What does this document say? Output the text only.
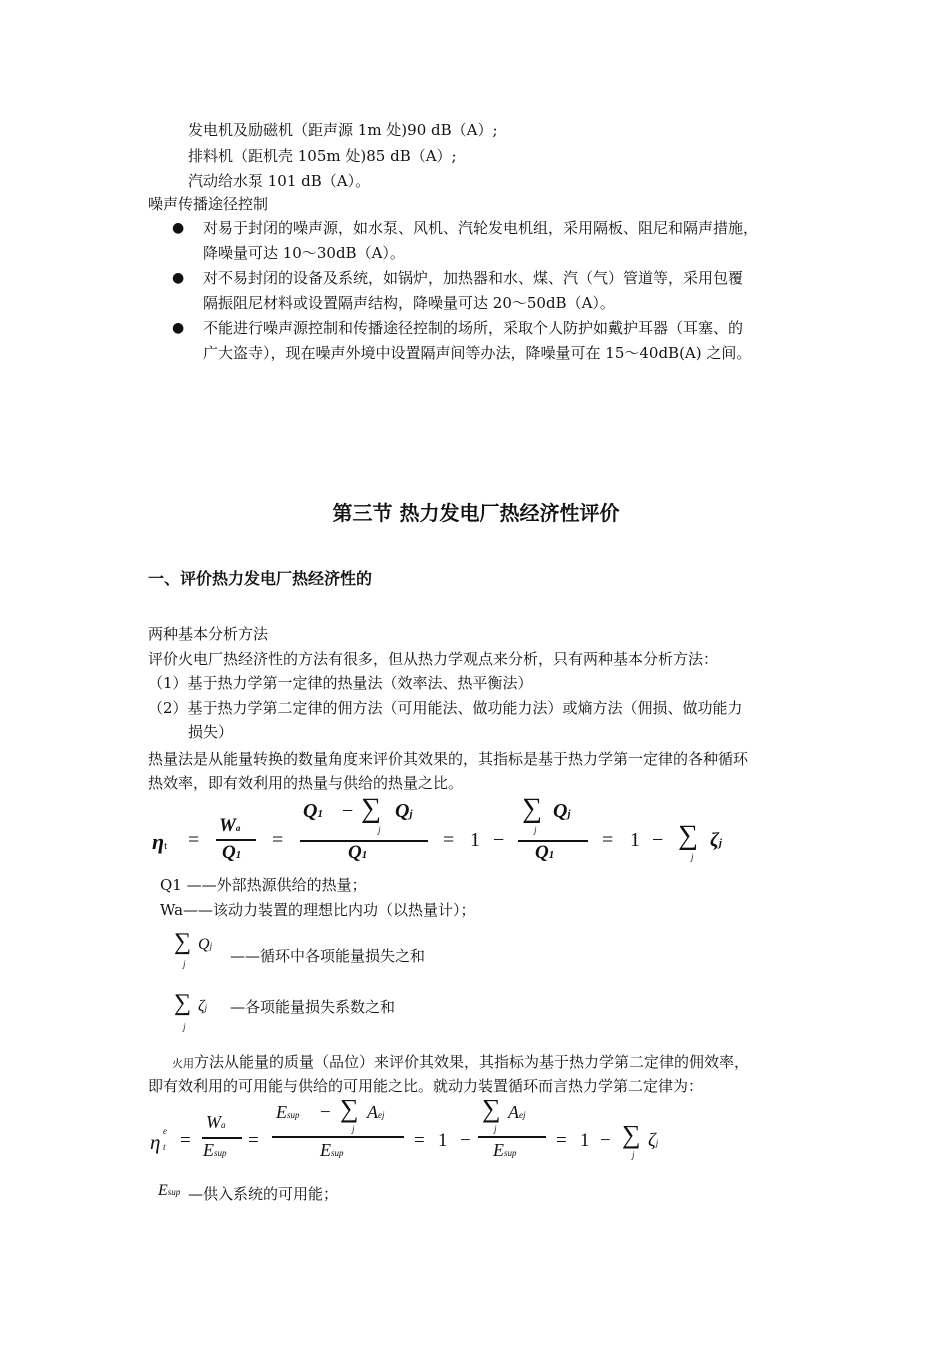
发电机及励磁机（距声源 1m 处)90 dB（A）;
排料机（距机壳 105m 处)85 dB（A）;
汽动给水泵 101 dB（A）。
噪声传播途径控制
● 对易于封闭的噪声源，如水泵、风机、汽轮发电机组，采用隔板、阻尼和隔声措施，
降噪量可达 10～30dB（A）。
● 对不易封闭的设备及系统，如锅炉，加热器和水、煤、汽（气）管道等，采用包覆
隔振阻尼材料或设置隔声结构，降噪量可达 20～50dB（A）。
● 不能进行噪声源控制和传播途径控制的场所，采取个人防护如戴护耳器（耳塞、的
广大盗寺），现在噪声外境中设置隔声间等办法，降噪量可在 15～40dB(A) 之间。
第三节 热力发电厂热经济性评价
一、评价热力发电厂热经济性的
两种基本分析方法
评价火电厂热经济性的方法有很多，但从热力学观点来分析，只有两种基本分析方法：
（1）基于热力学第一定律的热量法（效率法、热平衡法）
（2）基于热力学第二定律的佣方法（可用能法、做功能力法）或熵方法（佣损、做功能力
损失）
热量法是从能量转换的数量角度来评价其效果的，其指标是基于热力学第一定律的各种循环
热效率，即有效利用的热量与供给的热量之比。
ηt =
Wa
Q1
=
Q1 − ∑
j
Qj
Q1
= 1 −
∑
j
Qj
Q1
= 1 − ∑
j
ζj
Q1 ——外部热源供给的热量；
Wa——该动力装置的理想比内功（以热量计）；
∑
j
Qj
——循环中各项能量损失之和
∑
j
ζj —各项能量损失系数之和
火用方法从能量的质量（品位）来评价其效果，其指标为基于热力学第二定律的佣效率，
即有效利用的可用能与供给的可用能之比。就动力装置循环而言热力学第二定律为：
η e
t =
Wa
Esup
=
Esup − ∑
j
Aej
Esup
= 1 −
∑
j
Aej
Esup
= 1 − ∑
j
ζj
Esup —供入系统的可用能；
